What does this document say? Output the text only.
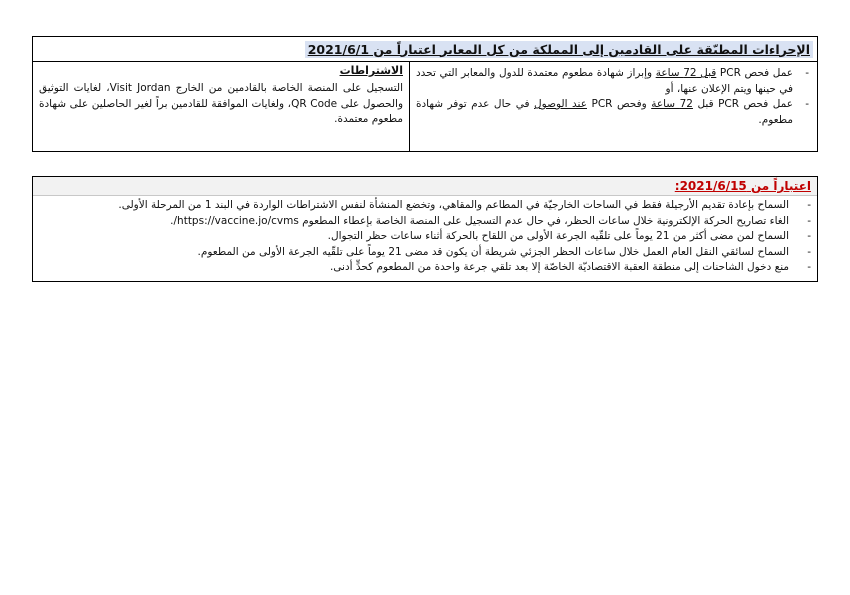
الإجراءات المطبّقة على القادمين إلى المملكة من كل المعابر اعتباراً من 2021/6/1

الاشتراطات

التسجيل على المنصة الخاصة بالقادمين من الخارج Visit Jordan، لغايات التوثيق والحصول على QR Code، ولغايات الموافقة للقادمين براً لغير الحاصلين على شهادة مطعوم معتمدة.

-
عمل فحص PCR قبل 72 ساعة وإبراز شهادة مطعوم معتمدة للدول والمعابر التي تحدد في حينها ويتم الإعلان عنها، أو
-
عمل فحص PCR قبل 72 ساعة وفحص PCR عند الوصول في حال عدم توفر شهادة مطعوم.
اعتباراً من 2021/6/15:
-
السماح بإعادة تقديم الأرجيلة فقط في الساحات الخارجيّة في المطاعم والمقاهي، وتخضع المنشأة لنفس الاشتراطات الواردة في البند 1 من المرحلة الأولى.
-
الغاء تصاريح الحركة الإلكترونية خلال ساعات الحظر، في حال عدم التسجيل على المنصة الخاصة بإعطاء المطعوم https://vaccine.jo/cvms/.
-
السماح لمن مضى أكثر من 21 يوماً على تلقّيه الجرعة الأولى من اللقاح بالحركة أثناء ساعات حظر التجوال.
-
السماح لسائقي النقل العام العمل خلال ساعات الحظر الجزئي شريطة أن يكون قد مضى 21 يوماً على تلقّيه الجرعة الأولى من المطعوم.
-
منع دخول الشاحنات إلى منطقة العقبة الاقتصاديّة الخاصّة إلا بعد تلقي جرعة واحدة من المطعوم كحدٍّ أدنى.
